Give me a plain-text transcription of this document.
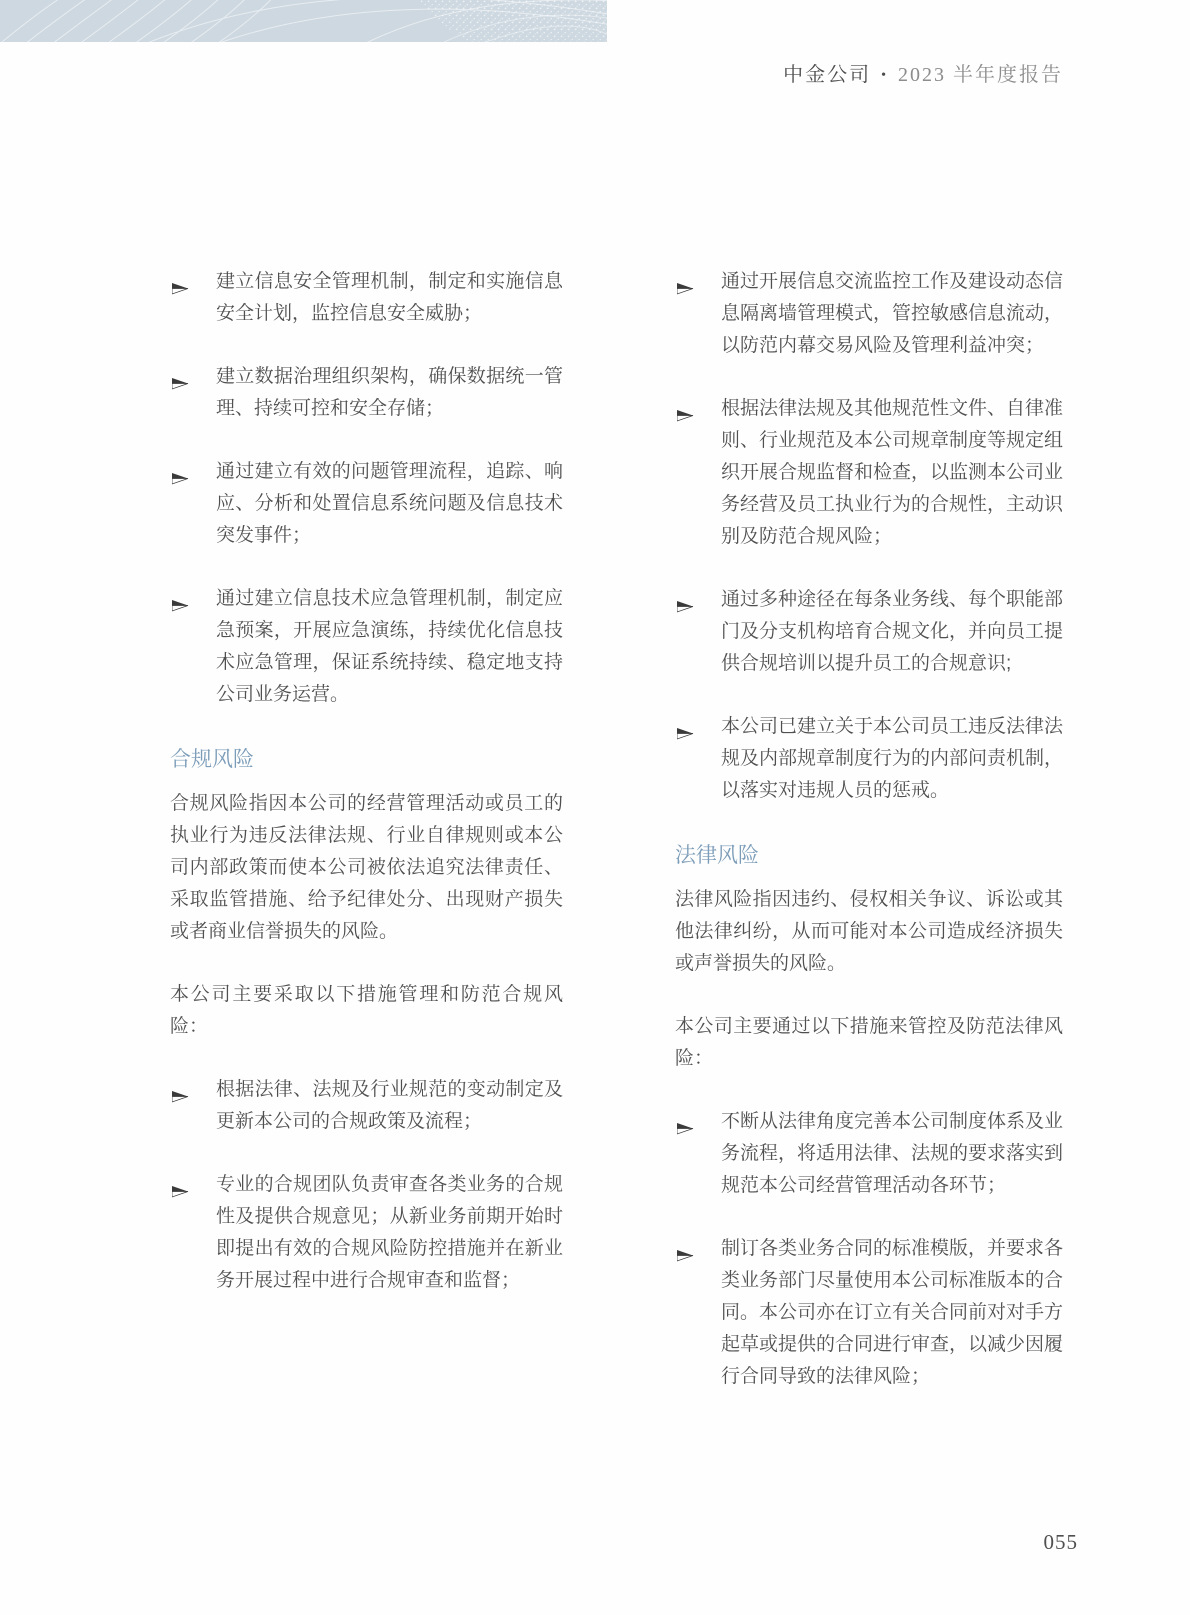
中金公司 • 2023 半年度报告

建立信息安全管理机制，制定和实施信息安全计划，监控信息安全威胁；

建立数据治理组织架构，确保数据统一管理、持续可控和安全存储；

通过建立有效的问题管理流程，追踪、响应、分析和处置信息系统问题及信息技术突发事件；

通过建立信息技术应急管理机制，制定应急预案，开展应急演练，持续优化信息技术应急管理，保证系统持续、稳定地支持公司业务运营。

合规风险

合规风险指因本公司的经营管理活动或员工的执业行为违反法律法规、行业自律规则或本公司内部政策而使本公司被依法追究法律责任、采取监管措施、给予纪律处分、出现财产损失或者商业信誉损失的风险。

本公司主要采取以下措施管理和防范合规风险：

根据法律、法规及行业规范的变动制定及更新本公司的合规政策及流程；

专业的合规团队负责审查各类业务的合规性及提供合规意见；从新业务前期开始时即提出有效的合规风险防控措施并在新业务开展过程中进行合规审查和监督；

通过开展信息交流监控工作及建设动态信息隔离墙管理模式，管控敏感信息流动，以防范内幕交易风险及管理利益冲突；

根据法律法规及其他规范性文件、自律准则、行业规范及本公司规章制度等规定组织开展合规监督和检查，以监测本公司业务经营及员工执业行为的合规性，主动识别及防范合规风险；

通过多种途径在每条业务线、每个职能部门及分支机构培育合规文化，并向员工提供合规培训以提升员工的合规意识;

本公司已建立关于本公司员工违反法律法规及内部规章制度行为的内部问责机制，以落实对违规人员的惩戒。

法律风险

法律风险指因违约、侵权相关争议、诉讼或其他法律纠纷，从而可能对本公司造成经济损失或声誉损失的风险。

本公司主要通过以下措施来管控及防范法律风险：

不断从法律角度完善本公司制度体系及业务流程，将适用法律、法规的要求落实到规范本公司经营管理活动各环节；

制订各类业务合同的标准模版，并要求各类业务部门尽量使用本公司标准版本的合同。本公司亦在订立有关合同前对对手方起草或提供的合同进行审查，以减少因履行合同导致的法律风险；

055
